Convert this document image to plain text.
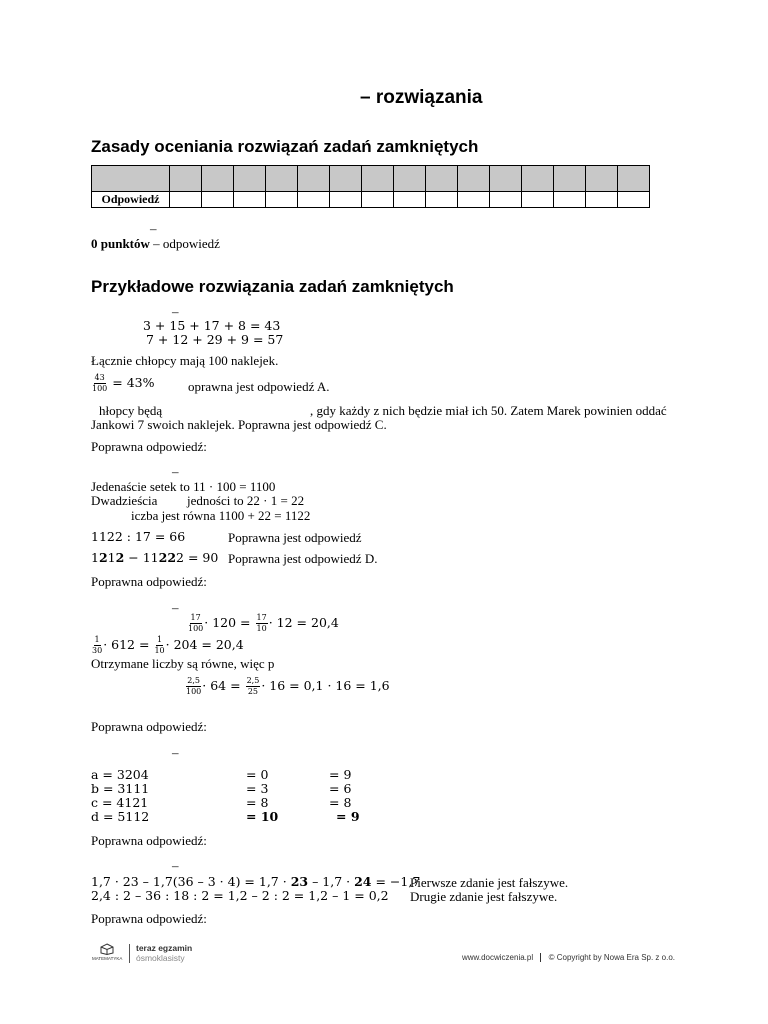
– rozwiązania
Zasady oceniania rozwiązań zadań zamkniętych

Odpowiedź															
–
0 punktów – odpowiedź
Przykładowe rozwiązania zadań zamkniętych
–
3 + 15 + 17 + 8 = 43
7 + 12 + 29 + 9 = 57
Łącznie chłopcy mają 100 naklejek.
$\frac{43}{100} = 43\%$	oprawna jest odpowiedź A.
hłopcy będą	, gdy każdy z nich będzie miał ich 50. Zatem Marek powinien oddać
Jankowi 7 swoich naklejek. Poprawna jest odpowiedź C.
Poprawna odpowiedź:
–
Jedenaście setek to 11 · 100 = 1100
Dwadzieścia jedności to 22 · 1 = 22
iczba jest równa 1100 + 22 = 1122
1122 : 17 = 66	Poprawna jest odpowiedź
1212 − 11222 = 90 Poprawna jest odpowiedź D.
Poprawna odpowiedź:
–
$\frac{17}{100} \cdot 120 = \frac{17}{10} \cdot 12 = 20,4$
$\frac{1}{30} \cdot 612 = \frac{1}{10} \cdot 204 = 20,4$
Otrzymane liczby są równe, więc p
$\frac{2,5}{100} \cdot 64 = \frac{2,5}{25} \cdot 16 = 0,1 \cdot 16 = 1,6$
Poprawna odpowiedź:
–
a = 3204	= 0	= 9
b = 3111	= 3	= 6
c = 4121	= 8	= 8
d = 5112	= 10	= 9
Poprawna odpowiedź:
–
1,7 · 23 – 1,7(36 – 3 · 4) = 1,7 · 23 – 1,7 · 24 = −1,7
Pierwsze zdanie jest fałszywe.
2,4 : 2 – 36 : 18 : 2 = 1,2 – 2 : 2 = 1,2 – 1 = 0,2 Drugie zdanie jest fałszywe.
Poprawna odpowiedź:
MATEMATYKA
teraz egzamin
ósmoklasisty	www.docwiczenia.pl © Copyright by Nowa Era Sp. z o.o.
